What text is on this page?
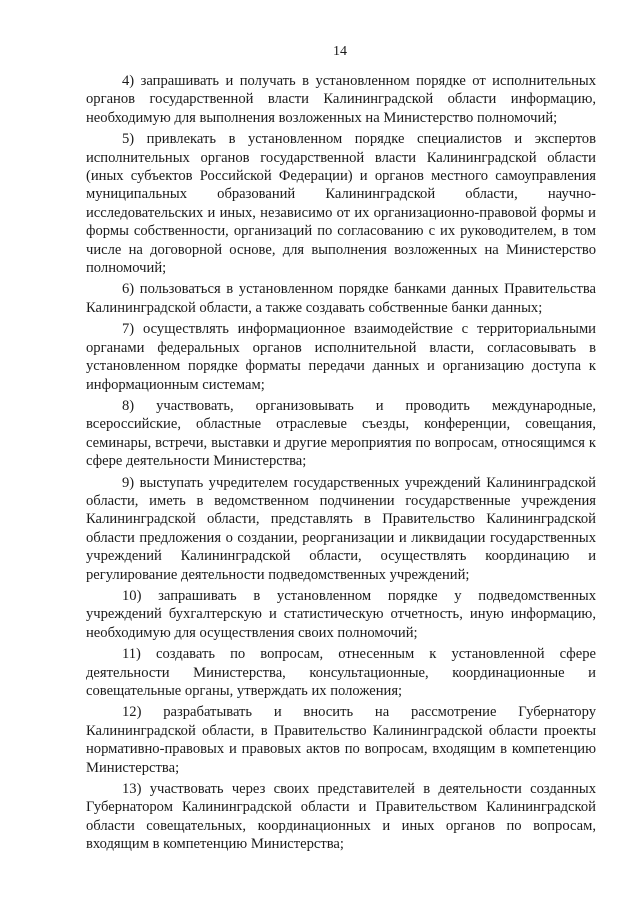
14

4) запрашивать и получать в установленном порядке от исполнительных органов государственной власти Калининградской области информацию, необходимую для выполнения возложенных на Министерство полномочий;

5) привлекать в установленном порядке специалистов и экспертов исполнительных органов государственной власти Калининградской области (иных субъектов Российской Федерации) и органов местного самоуправления муниципальных образований Калининградской области, научно-исследовательских и иных, независимо от их организационно-правовой формы и формы собственности, организаций по согласованию с их руководителем, в том числе на договорной основе, для выполнения возложенных на Министерство полномочий;

6) пользоваться в установленном порядке банками данных Правительства Калининградской области, а также создавать собственные банки данных;

7) осуществлять информационное взаимодействие с территориальными органами федеральных органов исполнительной власти, согласовывать в установленном порядке форматы передачи данных и организацию доступа к информационным системам;

8) участвовать, организовывать и проводить международные, всероссийские, областные отраслевые съезды, конференции, совещания, семинары, встречи, выставки и другие мероприятия по вопросам, относящимся к сфере деятельности Министерства;

9) выступать учредителем государственных учреждений Калининградской области, иметь в ведомственном подчинении государственные учреждения Калининградской области, представлять в Правительство Калининградской области предложения о создании, реорганизации и ликвидации государственных учреждений Калининградской области, осуществлять координацию и регулирование деятельности подведомственных учреждений;

10) запрашивать в установленном порядке у подведомственных учреждений бухгалтерскую и статистическую отчетность, иную информацию, необходимую для осуществления своих полномочий;

11) создавать по вопросам, отнесенным к установленной сфере деятельности Министерства, консультационные, координационные и совещательные органы, утверждать их положения;

12) разрабатывать и вносить на рассмотрение Губернатору Калининградской области, в Правительство Калининградской области проекты нормативно-правовых и правовых актов по вопросам, входящим в компетенцию Министерства;

13) участвовать через своих представителей в деятельности созданных Губернатором Калининградской области и Правительством Калининградской области совещательных, координационных и иных органов по вопросам, входящим в компетенцию Министерства;
